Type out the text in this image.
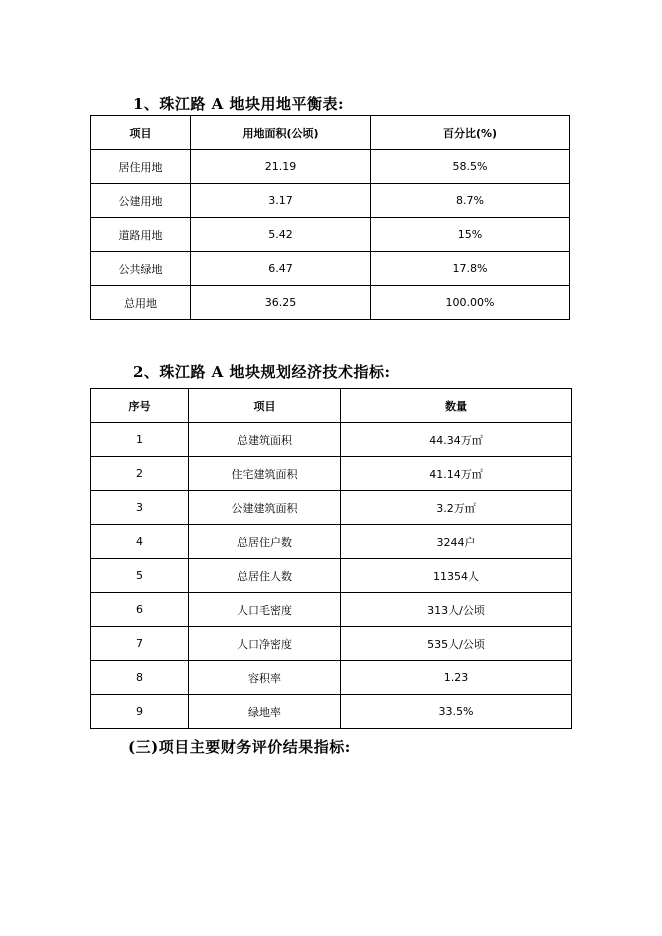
1、珠江路 A 地块用地平衡表:
项目	用地面积(公顷)	百分比(%)
居住用地	21.19	58.5%
公建用地	3.17	8.7%
道路用地	5.42	15%
公共绿地	6.47	17.8%
总用地	36.25	100.00%
2、珠江路 A 地块规划经济技术指标:
序号	项目	数量
1	总建筑面积	44.34万㎡
2	住宅建筑面积	41.14万㎡
3	公建建筑面积	3.2万㎡
4	总居住户数	3244户
5	总居住人数	11354人
6	人口毛密度	313人/公顷
7	人口净密度	535人/公顷
8	容积率	1.23
9	绿地率	33.5%
(三)项目主要财务评价结果指标:
